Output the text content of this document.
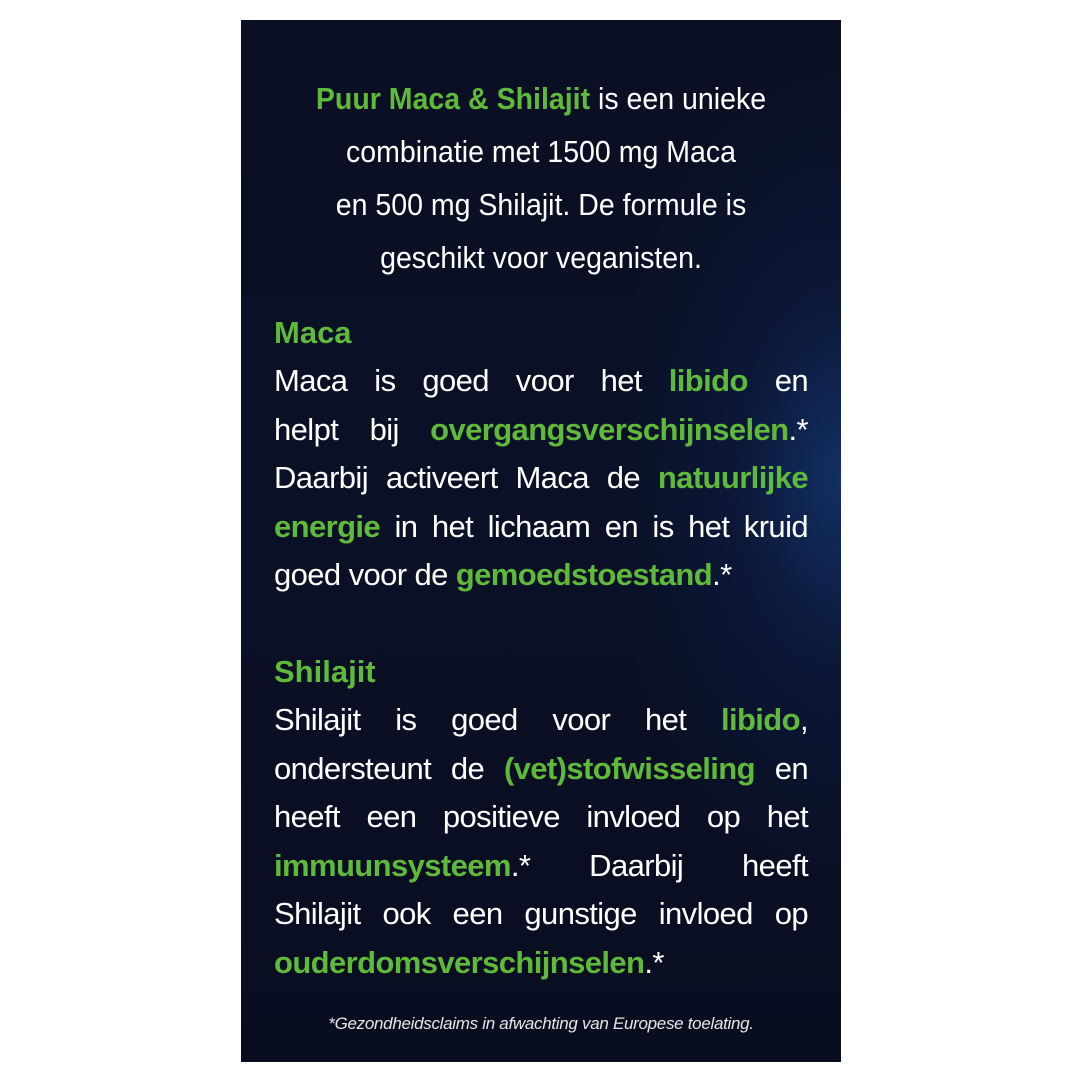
Puur Maca & Shilajit is een unieke
combinatie met 1500 mg Maca
en 500 mg Shilajit. De formule is
geschikt voor veganisten.
Maca
Maca is goed voor het libido en
helpt bij overgangsverschijnselen.*
Daarbij activeert Maca de natuurlijke
energie in het lichaam en is het kruid
goed voor de gemoedstoestand.*
Shilajit
Shilajit is goed voor het libido,
ondersteunt de (vet)stofwisseling en
heeft een positieve invloed op het
immuunsysteem.* Daarbij heeft
Shilajit ook een gunstige invloed op
ouderdomsverschijnselen.*
*Gezondheidsclaims in afwachting van Europese toelating.
